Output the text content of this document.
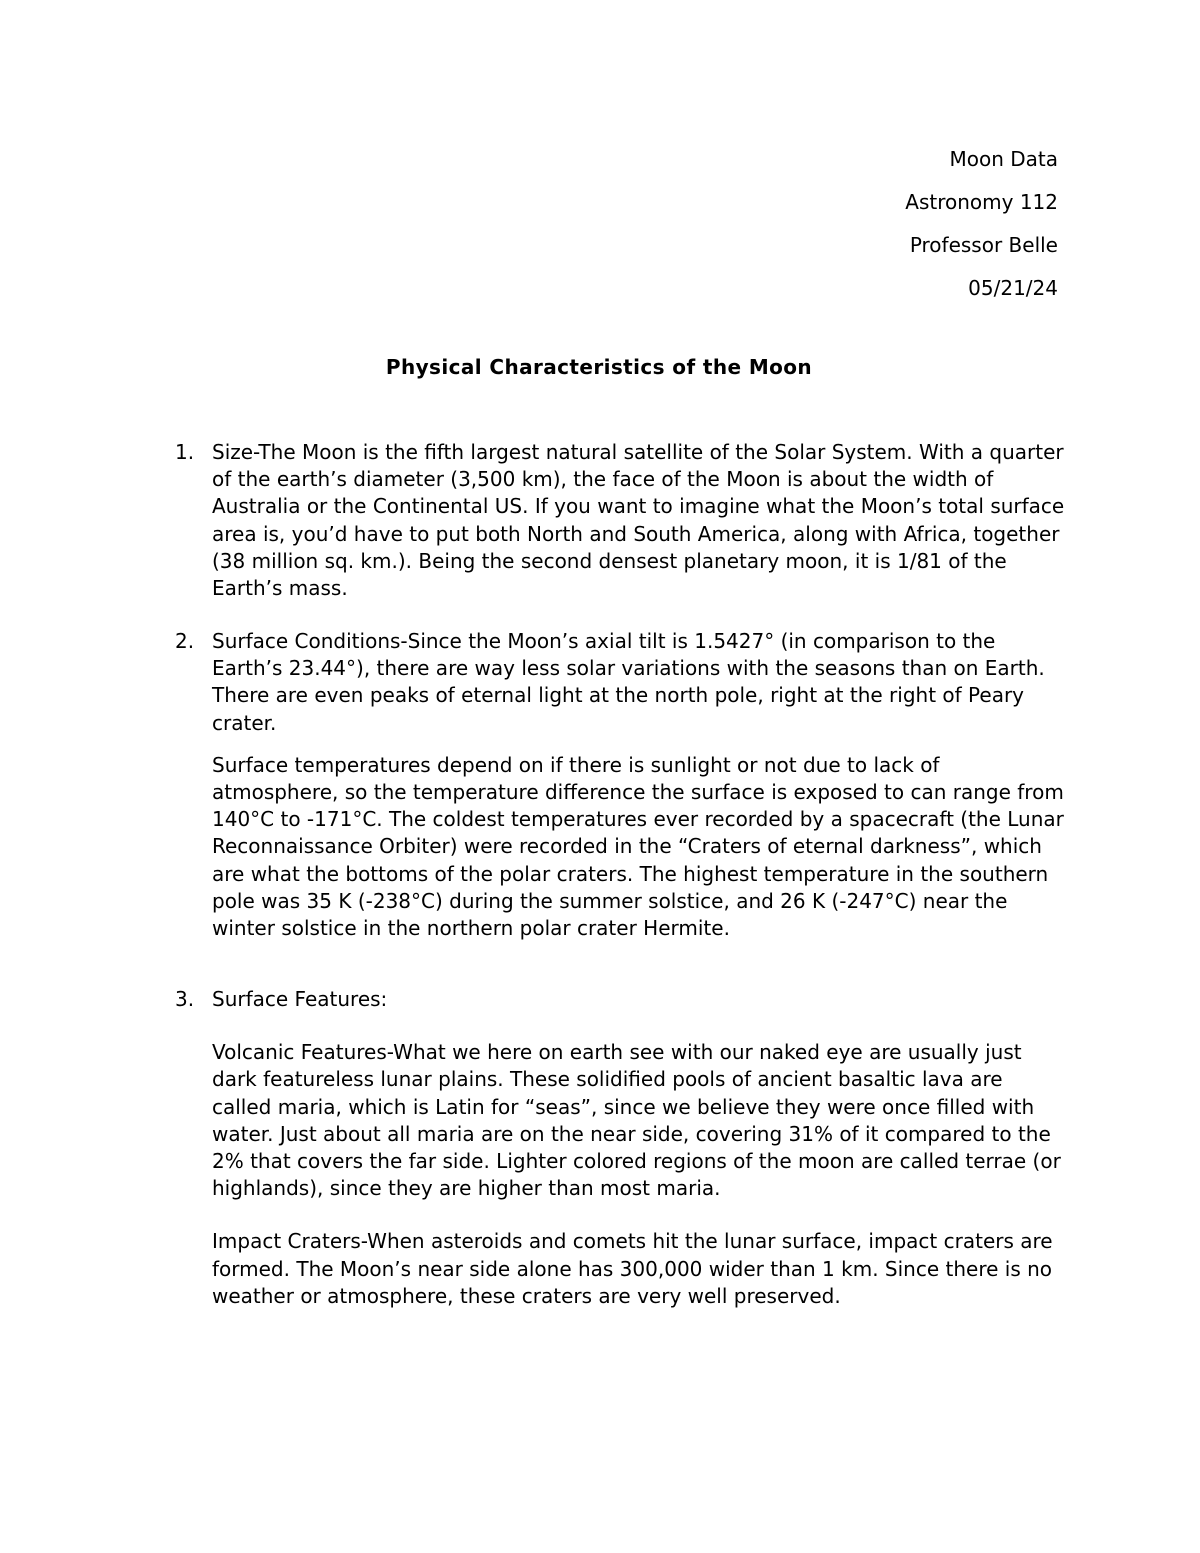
Moon Data
Astronomy 112
Professor Belle
05/21/24
Physical Characteristics of the Moon
1. Size-The Moon is the fifth largest natural satellite of the Solar System. With a quarter of the earth’s diameter (3,500 km), the face of the Moon is about the width of Australia or the Continental US. If you want to imagine what the Moon’s total surface area is, you’d have to put both North and South America, along with Africa, together (38 million sq. km.). Being the second densest planetary moon, it is 1/81 of the Earth’s mass.

2. Surface Conditions-Since the Moon’s axial tilt is 1.5427° (in comparison to the Earth’s 23.44°), there are way less solar variations with the seasons than on Earth. There are even peaks of eternal light at the north pole, right at the right of Peary crater.

Surface temperatures depend on if there is sunlight or not due to lack of atmosphere, so the temperature difference the surface is exposed to can range from 140°C to -171°C. The coldest temperatures ever recorded by a spacecraft (the Lunar Reconnaissance Orbiter) were recorded in the “Craters of eternal darkness”, which are what the bottoms of the polar craters. The highest temperature in the southern pole was 35 K (-238°C) during the summer solstice, and 26 K (-247°C) near the winter solstice in the northern polar crater Hermite.

3. Surface Features:

Volcanic Features-What we here on earth see with our naked eye are usually just dark featureless lunar plains. These solidified pools of ancient basaltic lava are called maria, which is Latin for “seas”, since we believe they were once filled with water. Just about all maria are on the near side, covering 31% of it compared to the 2% that covers the far side. Lighter colored regions of the moon are called terrae (or highlands), since they are higher than most maria.

Impact Craters-When asteroids and comets hit the lunar surface, impact craters are formed. The Moon’s near side alone has 300,000 wider than 1 km. Since there is no weather or atmosphere, these craters are very well preserved.
